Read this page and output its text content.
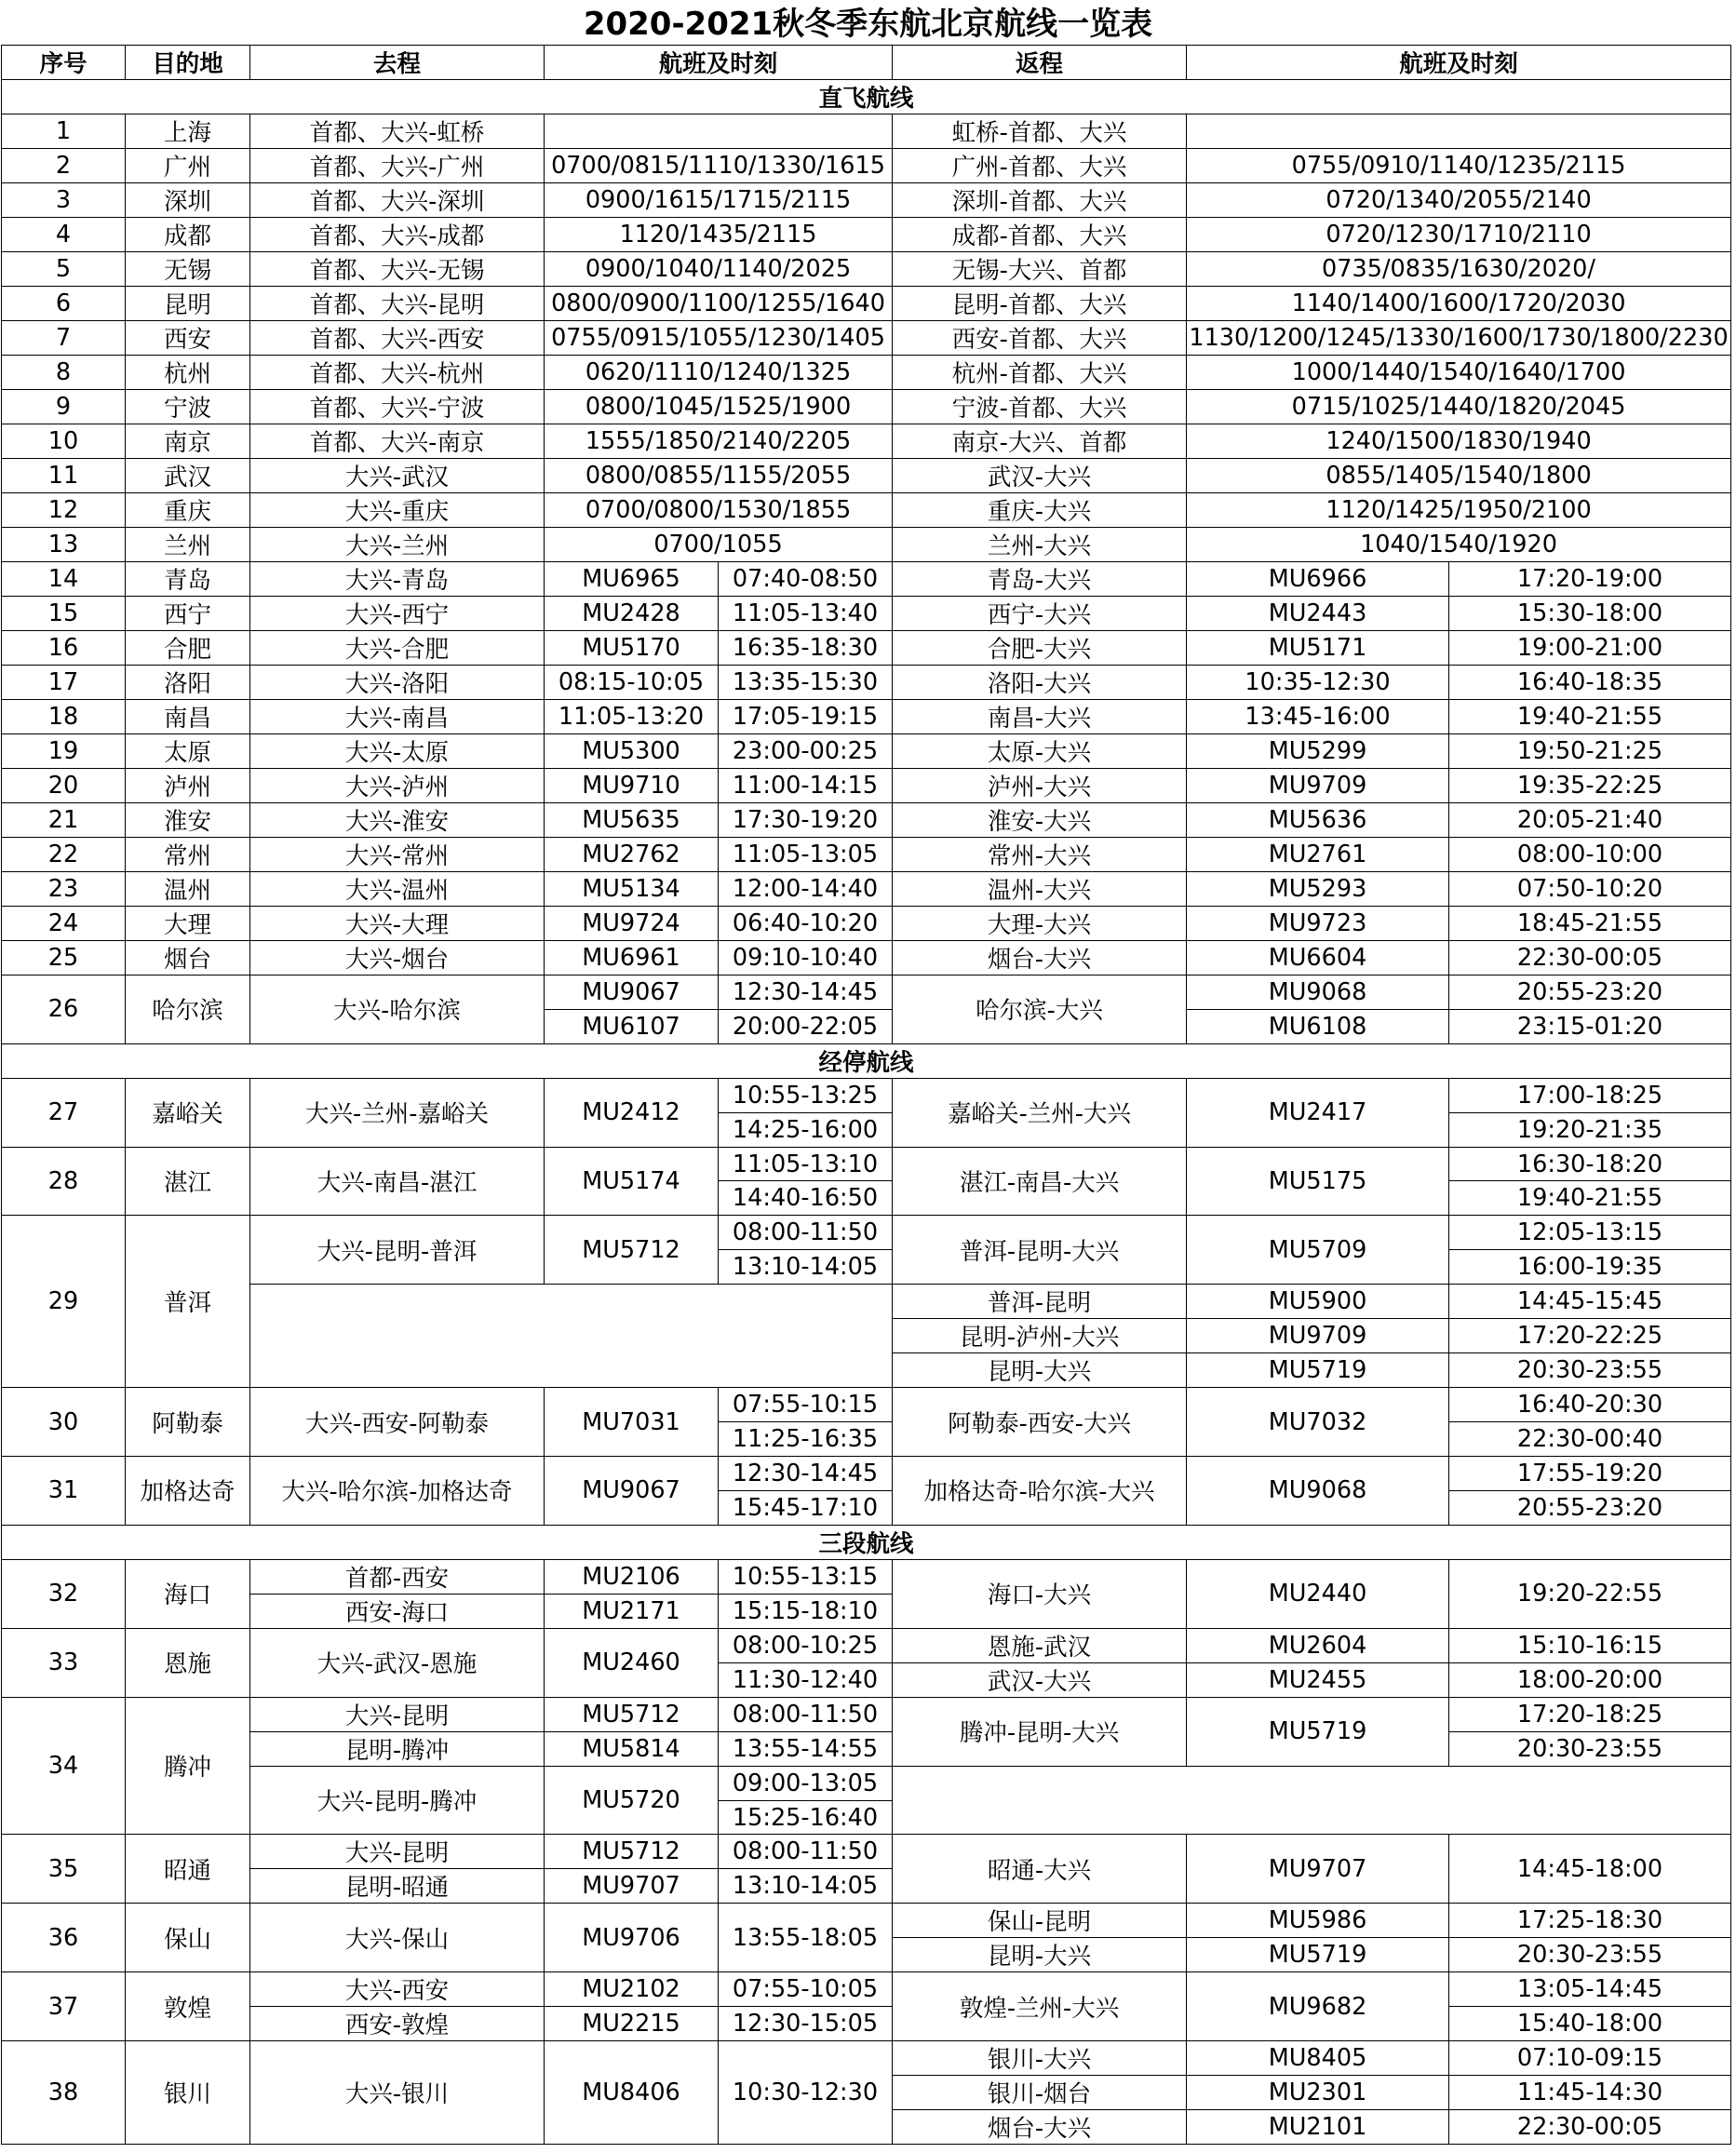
2020-2021秋冬季东航北京航线一览表
序号	目的地	去程	航班及时刻		返程	航班及时刻	
直飞航线							
1	上海	首都、大兴-虹桥			虹桥-首都、大兴		
2	广州	首都、大兴-广州	0700/0815/1110/1330/1615		广州-首都、大兴	0755/0910/1140/1235/2115	
3	深圳	首都、大兴-深圳	0900/1615/1715/2115		深圳-首都、大兴	0720/1340/2055/2140	
4	成都	首都、大兴-成都	1120/1435/2115		成都-首都、大兴	0720/1230/1710/2110	
5	无锡	首都、大兴-无锡	0900/1040/1140/2025		无锡-大兴、首都	0735/0835/1630/2020/	
6	昆明	首都、大兴-昆明	0800/0900/1100/1255/1640		昆明-首都、大兴	1140/1400/1600/1720/2030	
7	西安	首都、大兴-西安	0755/0915/1055/1230/1405		西安-首都、大兴	1130/1200/1245/1330/1600/1730/1800/2230	
8	杭州	首都、大兴-杭州	0620/1110/1240/1325		杭州-首都、大兴	1000/1440/1540/1640/1700	
9	宁波	首都、大兴-宁波	0800/1045/1525/1900		宁波-首都、大兴	0715/1025/1440/1820/2045	
10	南京	首都、大兴-南京	1555/1850/2140/2205		南京-大兴、首都	1240/1500/1830/1940	
11	武汉	大兴-武汉	0800/0855/1155/2055		武汉-大兴	0855/1405/1540/1800	
12	重庆	大兴-重庆	0700/0800/1530/1855		重庆-大兴	1120/1425/1950/2100	
13	兰州	大兴-兰州	0700/1055		兰州-大兴	1040/1540/1920	
14	青岛	大兴-青岛	MU6965	07:40-08:50	青岛-大兴	MU6966	17:20-19:00
15	西宁	大兴-西宁	MU2428	11:05-13:40	西宁-大兴	MU2443	15:30-18:00
16	合肥	大兴-合肥	MU5170	16:35-18:30	合肥-大兴	MU5171	19:00-21:00
17	洛阳	大兴-洛阳	08:15-10:05	13:35-15:30	洛阳-大兴	10:35-12:30	16:40-18:35
18	南昌	大兴-南昌	11:05-13:20	17:05-19:15	南昌-大兴	13:45-16:00	19:40-21:55
19	太原	大兴-太原	MU5300	23:00-00:25	太原-大兴	MU5299	19:50-21:25
20	泸州	大兴-泸州	MU9710	11:00-14:15	泸州-大兴	MU9709	19:35-22:25
21	淮安	大兴-淮安	MU5635	17:30-19:20	淮安-大兴	MU5636	20:05-21:40
22	常州	大兴-常州	MU2762	11:05-13:05	常州-大兴	MU2761	08:00-10:00
23	温州	大兴-温州	MU5134	12:00-14:40	温州-大兴	MU5293	07:50-10:20
24	大理	大兴-大理	MU9724	06:40-10:20	大理-大兴	MU9723	18:45-21:55
25	烟台	大兴-烟台	MU6961	09:10-10:40	烟台-大兴	MU6604	22:30-00:05
26	哈尔滨	大兴-哈尔滨	MU9067	12:30-14:45	哈尔滨-大兴	MU9068	20:55-23:20
			MU6107	20:00-22:05		MU6108	23:15-01:20
经停航线							
27	嘉峪关	大兴-兰州-嘉峪关	MU2412	10:55-13:25	嘉峪关-兰州-大兴	MU2417	17:00-18:25
				14:25-16:00			19:20-21:35
28	湛江	大兴-南昌-湛江	MU5174	11:05-13:10	湛江-南昌-大兴	MU5175	16:30-18:20
				14:40-16:50			19:40-21:55
29	普洱	大兴-昆明-普洱	MU5712	08:00-11:50	普洱-昆明-大兴	MU5709	12:05-13:15
				13:10-14:05			16:00-19:35
					普洱-昆明	MU5900	14:45-15:45
					昆明-泸州-大兴	MU9709	17:20-22:25
					昆明-大兴	MU5719	20:30-23:55
30	阿勒泰	大兴-西安-阿勒泰	MU7031	07:55-10:15	阿勒泰-西安-大兴	MU7032	16:40-20:30
				11:25-16:35			22:30-00:40
31	加格达奇	大兴-哈尔滨-加格达奇	MU9067	12:30-14:45	加格达奇-哈尔滨-大兴	MU9068	17:55-19:20
				15:45-17:10			20:55-23:20
三段航线							
32	海口	首都-西安	MU2106	10:55-13:15	海口-大兴	MU2440	19:20-22:55
		西安-海口	MU2171	15:15-18:10			
33	恩施	大兴-武汉-恩施	MU2460	08:00-10:25	恩施-武汉	MU2604	15:10-16:15
				11:30-12:40	武汉-大兴	MU2455	18:00-20:00
34	腾冲	大兴-昆明	MU5712	08:00-11:50	腾冲-昆明-大兴	MU5719	17:20-18:25
		昆明-腾冲	MU5814	13:55-14:55			20:30-23:55
		大兴-昆明-腾冲	MU5720	09:00-13:05			
				15:25-16:40			
35	昭通	大兴-昆明	MU5712	08:00-11:50	昭通-大兴	MU9707	14:45-18:00
		昆明-昭通	MU9707	13:10-14:05			
36	保山	大兴-保山	MU9706	13:55-18:05	保山-昆明	MU5986	17:25-18:30
					昆明-大兴	MU5719	20:30-23:55
37	敦煌	大兴-西安	MU2102	07:55-10:05	敦煌-兰州-大兴	MU9682	13:05-14:45
		西安-敦煌	MU2215	12:30-15:05			15:40-18:00
38	银川	大兴-银川	MU8406	10:30-12:30	银川-大兴	MU8405	07:10-09:15
					银川-烟台	MU2301	11:45-14:30
					烟台-大兴	MU2101	22:30-00:05
